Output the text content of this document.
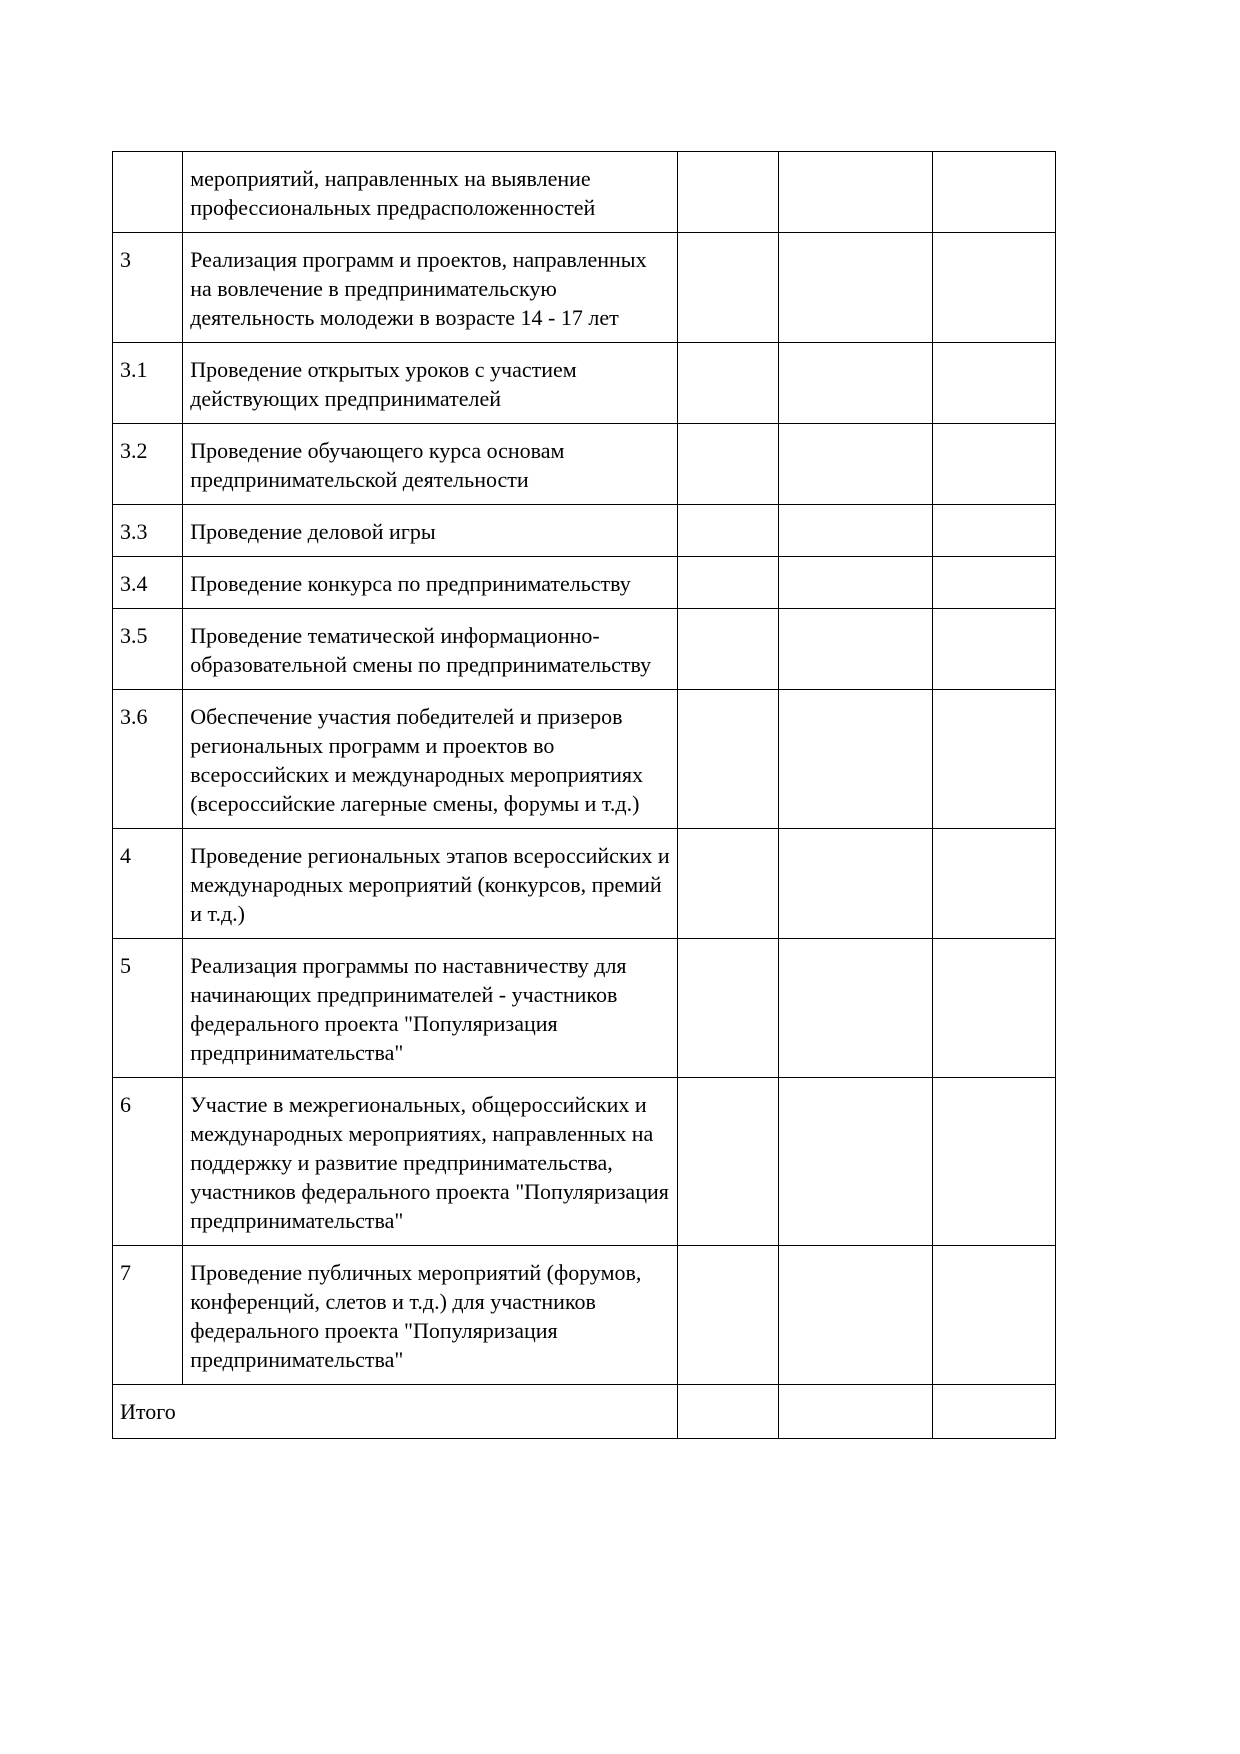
	мероприятий, направленных на выявление профессиональных предрасположенностей			

3	Реализация программ и проектов, направленных на вовлечение в предпринимательскую деятельность молодежи в возрасте 14 - 17 лет			

3.1	Проведение открытых уроков с участием действующих предпринимателей			

3.2	Проведение обучающего курса основам предпринимательской деятельности			

3.3	Проведение деловой игры			

3.4	Проведение конкурса по предпринимательству			

3.5	Проведение тематической информационно-образовательной смены по предпринимательству			

3.6	Обеспечение участия победителей и призеров региональных программ и проектов во всероссийских и международных мероприятиях (всероссийские лагерные смены, форумы и т.д.)			

4	Проведение региональных этапов всероссийских и международных мероприятий (конкурсов, премий и т.д.)			

5	Реализация программы по наставничеству для начинающих предпринимателей - участников федерального проекта "Популяризация предпринимательства"			

6	Участие в межрегиональных, общероссийских и международных мероприятиях, направленных на поддержку и развитие предпринимательства, участников федерального проекта "Популяризация предпринимательства"			

7	Проведение публичных мероприятий (форумов, конференций, слетов и т.д.) для участников федерального проекта "Популяризация предпринимательства"			

Итого				
